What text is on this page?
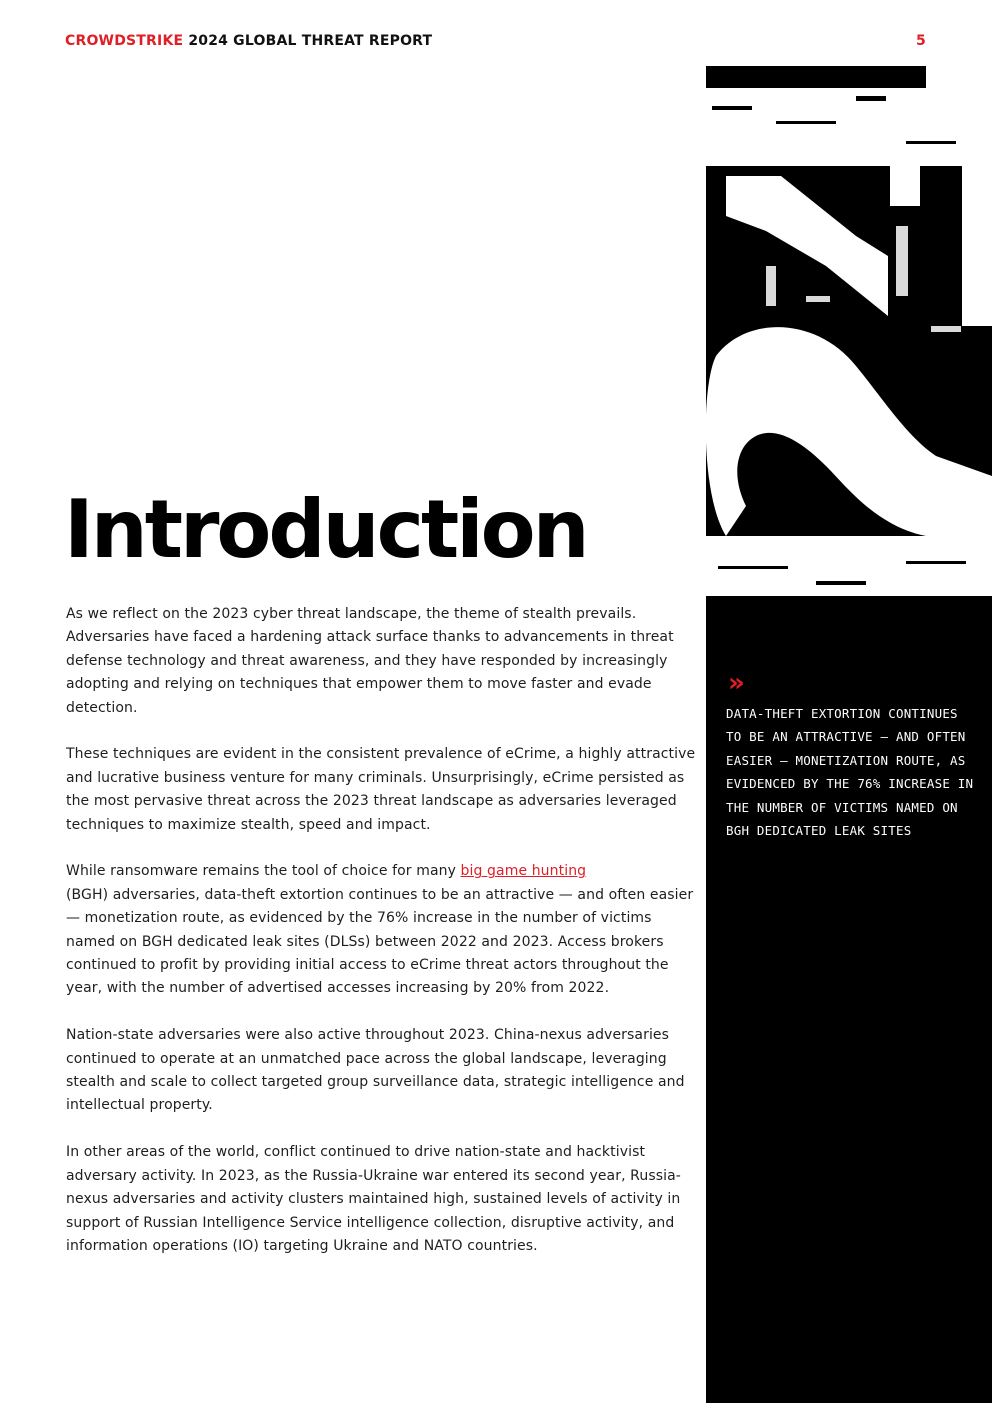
CROWDSTRIKE 2024 GLOBAL THREAT REPORT	5
Introduction

As we reflect on the 2023 cyber threat landscape, the theme of stealth prevails. Adversaries have faced a hardening attack surface thanks to advancements in threat defense technology and threat awareness, and they have responded by increasingly adopting and relying on techniques that empower them to move faster and evade detection.

These techniques are evident in the consistent prevalence of eCrime, a highly attractive and lucrative business venture for many criminals. Unsurprisingly, eCrime persisted as the most pervasive threat across the 2023 threat landscape as adversaries leveraged techniques to maximize stealth, speed and impact.

While ransomware remains the tool of choice for many big game hunting
(BGH) adversaries, data-theft extortion continues to be an attractive — and often easier — monetization route, as evidenced by the 76% increase in the number of victims named on BGH dedicated leak sites (DLSs) between 2022 and 2023. Access brokers continued to profit by providing initial access to eCrime threat actors throughout the year, with the number of advertised accesses increasing by 20% from 2022.

Nation-state adversaries were also active throughout 2023. China-nexus adversaries continued to operate at an unmatched pace across the global landscape, leveraging stealth and scale to collect targeted group surveillance data, strategic intelligence and intellectual property.

In other areas of the world, conflict continued to drive nation-state and hacktivist adversary activity. In 2023, as the Russia-Ukraine war entered its second year, Russia-nexus adversaries and activity clusters maintained high, sustained levels of activity in support of Russian Intelligence Service intelligence collection, disruptive activity, and information operations (IO) targeting Ukraine and NATO countries.

»
DATA-THEFT EXTORTION CONTINUES TO BE AN ATTRACTIVE — AND OFTEN EASIER — MONETIZATION ROUTE, AS EVIDENCED BY THE 76% INCREASE IN THE NUMBER OF VICTIMS NAMED ON BGH DEDICATED LEAK SITES
